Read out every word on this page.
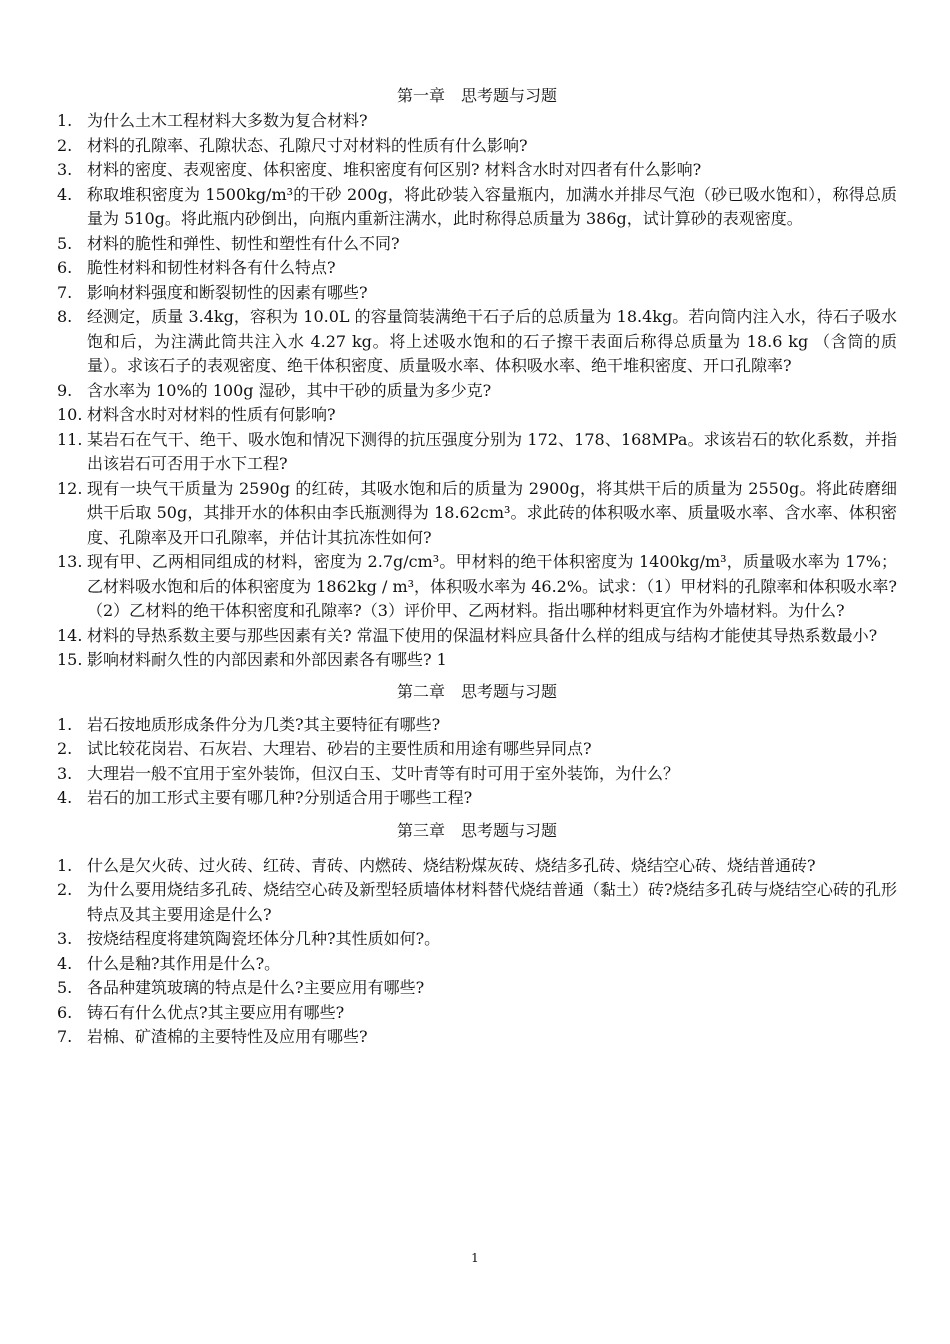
第一章　思考题与习题
1. 为什么土木工程材料大多数为复合材料?
2. 材料的孔隙率、孔隙状态、孔隙尺寸对材料的性质有什么影响?
3. 材料的密度、表观密度、体积密度、堆积密度有何区别? 材料含水时对四者有什么影响?
4. 称取堆积密度为 1500kg/m³的干砂 200g，将此砂装入容量瓶内，加满水并排尽气泡（砂已吸水饱和），称得总质量为 510g。将此瓶内砂倒出，向瓶内重新注满水，此时称得总质量为 386g，试计算砂的表观密度。
5. 材料的脆性和弹性、韧性和塑性有什么不同?
6. 脆性材料和韧性材料各有什么特点?
7. 影响材料强度和断裂韧性的因素有哪些?
8. 经测定，质量 3.4kg，容积为 10.0L 的容量筒装满绝干石子后的总质量为 18.4kg。若向筒内注入水，待石子吸水饱和后，为注满此筒共注入水 4.27 kg。将上述吸水饱和的石子擦干表面后称得总质量为 18.6 kg （含筒的质量）。求该石子的表观密度、绝干体积密度、质量吸水率、体积吸水率、绝干堆积密度、开口孔隙率?
9. 含水率为 10%的 100g 湿砂，其中干砂的质量为多少克?
10. 材料含水时对材料的性质有何影响?
11. 某岩石在气干、绝干、吸水饱和情况下测得的抗压强度分别为 172、178、168MPa。求该岩石的软化系数，并指出该岩石可否用于水下工程?
12. 现有一块气干质量为 2590g 的红砖，其吸水饱和后的质量为 2900g，将其烘干后的质量为 2550g。将此砖磨细烘干后取 50g，其排开水的体积由李氏瓶测得为 18.62cm³。求此砖的体积吸水率、质量吸水率、含水率、体积密度、孔隙率及开口孔隙率，并估计其抗冻性如何?
13. 现有甲、乙两相同组成的材料，密度为 2.7g/cm³。甲材料的绝干体积密度为 1400kg/m³，质量吸水率为 17%；乙材料吸水饱和后的体积密度为 1862kg / m³，体积吸水率为 46.2%。试求：（1）甲材料的孔隙率和体积吸水率?（2）乙材料的绝干体积密度和孔隙率?（3）评价甲、乙两材料。指出哪种材料更宜作为外墙材料。为什么?
14. 材料的导热系数主要与那些因素有关? 常温下使用的保温材料应具备什么样的组成与结构才能使其导热系数最小?
15. 影响材料耐久性的内部因素和外部因素各有哪些? 1
第二章　思考题与习题
1. 岩石按地质形成条件分为几类?其主要特征有哪些?
2. 试比较花岗岩、石灰岩、大理岩、砂岩的主要性质和用途有哪些异同点?
3. 大理岩一般不宜用于室外装饰，但汉白玉、艾叶青等有时可用于室外装饰，为什么？
4. 岩石的加工形式主要有哪几种?分别适合用于哪些工程?
第三章　思考题与习题
1. 什么是欠火砖、过火砖、红砖、青砖、内燃砖、烧结粉煤灰砖、烧结多孔砖、烧结空心砖、烧结普通砖?
2. 为什么要用烧结多孔砖、烧结空心砖及新型轻质墙体材料替代烧结普通（黏土）砖?烧结多孔砖与烧结空心砖的孔形特点及其主要用途是什么?
3. 按烧结程度将建筑陶瓷坯体分几种?其性质如何?。
4. 什么是釉?其作用是什么?。
5. 各品种建筑玻璃的特点是什么?主要应用有哪些?
6. 铸石有什么优点?其主要应用有哪些?
7. 岩棉、矿渣棉的主要特性及应用有哪些?
1
